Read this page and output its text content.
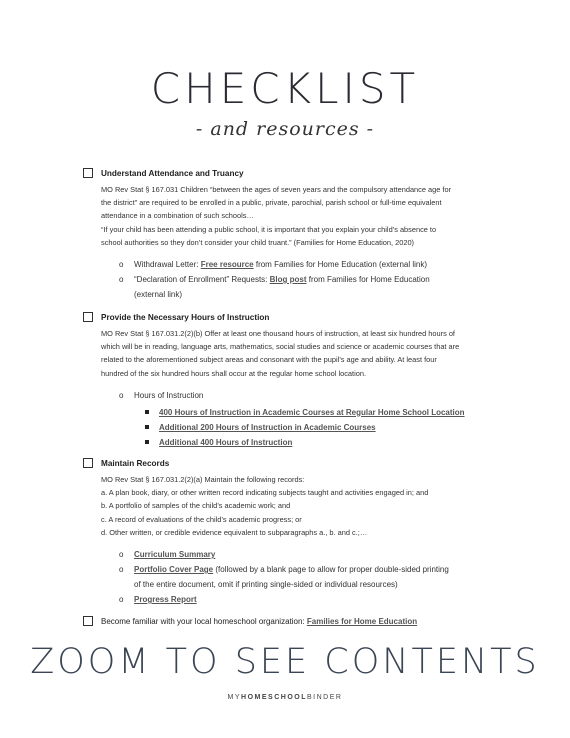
CHECKLIST
- and resources -
Understand Attendance and Truancy
MO Rev Stat § 167.031 Children “between the ages of seven years and the compulsory attendance age for
the district” are required to be enrolled in a public, private, parochial, parish school or full-time equivalent
attendance in a combination of such schools…
“If your child has been attending a public school, it is important that you explain your child’s absence to
school authorities so they don’t consider your child truant.” (Families for Home Education, 2020)
o	Withdrawal Letter: Free resource from Families for Home Education (external link)
o	“Declaration of Enrollment” Requests: Blog post from Families for Home Education
(external link)
Provide the Necessary Hours of Instruction
MO Rev Stat § 167.031.2(2)(b) Offer at least one thousand hours of instruction, at least six hundred hours of
which will be in reading, language arts, mathematics, social studies and science or academic courses that are
related to the aforementioned subject areas and consonant with the pupil’s age and ability. At least four
hundred of the six hundred hours shall occur at the regular home school location.
o	Hours of Instruction
400 Hours of Instruction in Academic Courses at Regular Home School Location
Additional 200 Hours of Instruction in Academic Courses
Additional 400 Hours of Instruction
Maintain Records
MO Rev Stat § 167.031.2(2)(a) Maintain the following records:
a. A plan book, diary, or other written record indicating subjects taught and activities engaged in; and
b. A portfolio of samples of the child’s academic work; and
c. A record of evaluations of the child’s academic progress; or
d. Other written, or credible evidence equivalent to subparagraphs a., b. and c.;…
o	Curriculum Summary
o	Portfolio Cover Page (followed by a blank page to allow for proper double-sided printing
of the entire document, omit if printing single-sided or individual resources)
o	Progress Report
Become familiar with your local homeschool organization: Families for Home Education
ZOOM TO SEE CONTENTS
MYHOMESCHOOLBINDER
